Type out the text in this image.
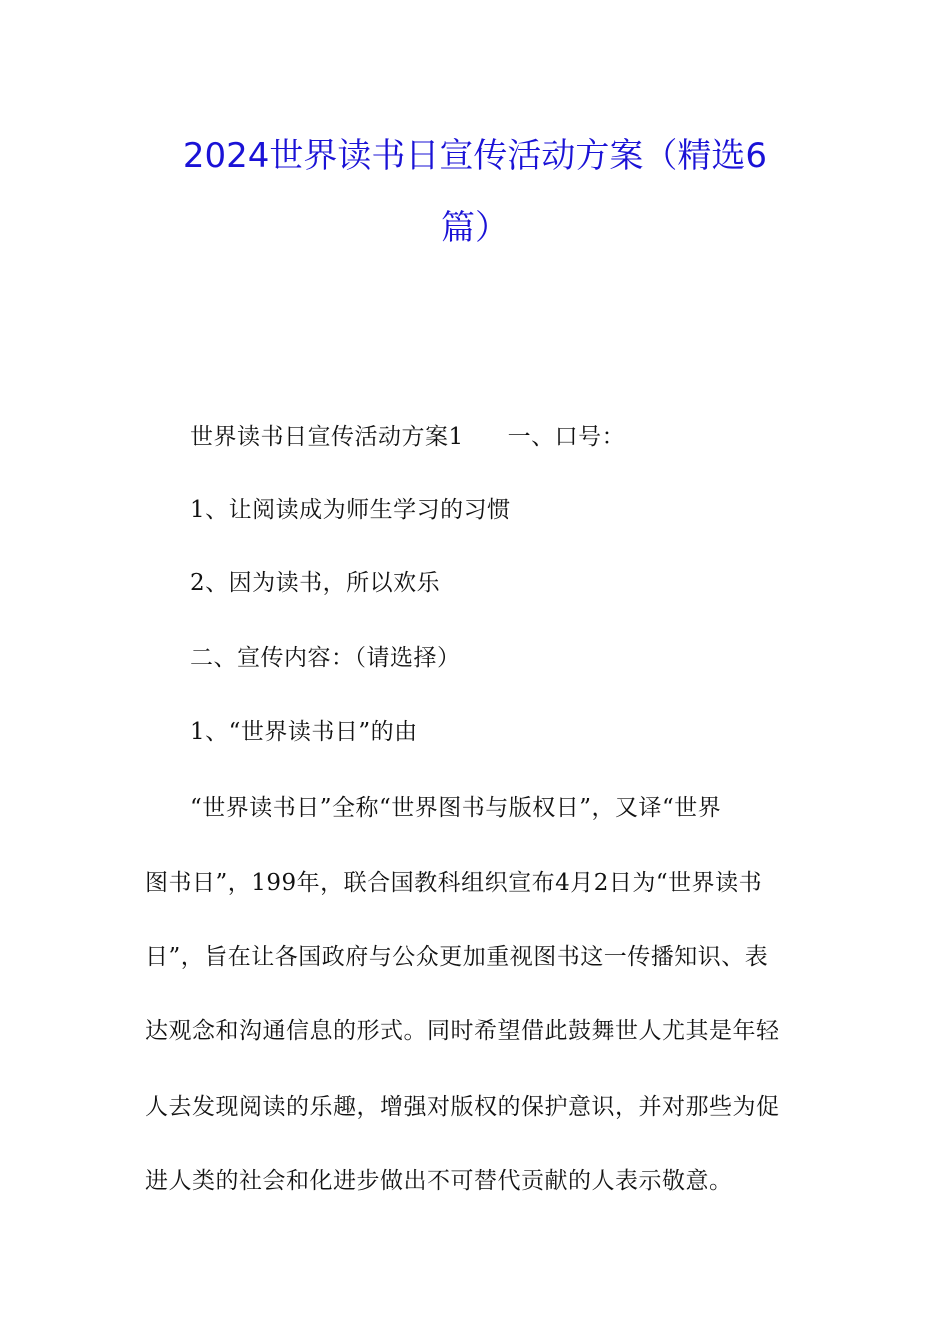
2024世界读书日宣传活动方案（精选6
篇）
世界读书日宣传活动方案1 一、口号：
1、让阅读成为师生学习的习惯
2、因为读书，所以欢乐
二、宣传内容：（请选择）
1、“世界读书日”的由
“世界读书日”全称“世界图书与版权日”，又译“世界
图书日”，199年，联合国教科组织宣布4月2日为“世界读书
日”，旨在让各国政府与公众更加重视图书这一传播知识、表
达观念和沟通信息的形式。同时希望借此鼓舞世人尤其是年轻
人去发现阅读的乐趣，增强对版权的保护意识，并对那些为促
进人类的社会和化进步做出不可替代贡献的人表示敬意。
